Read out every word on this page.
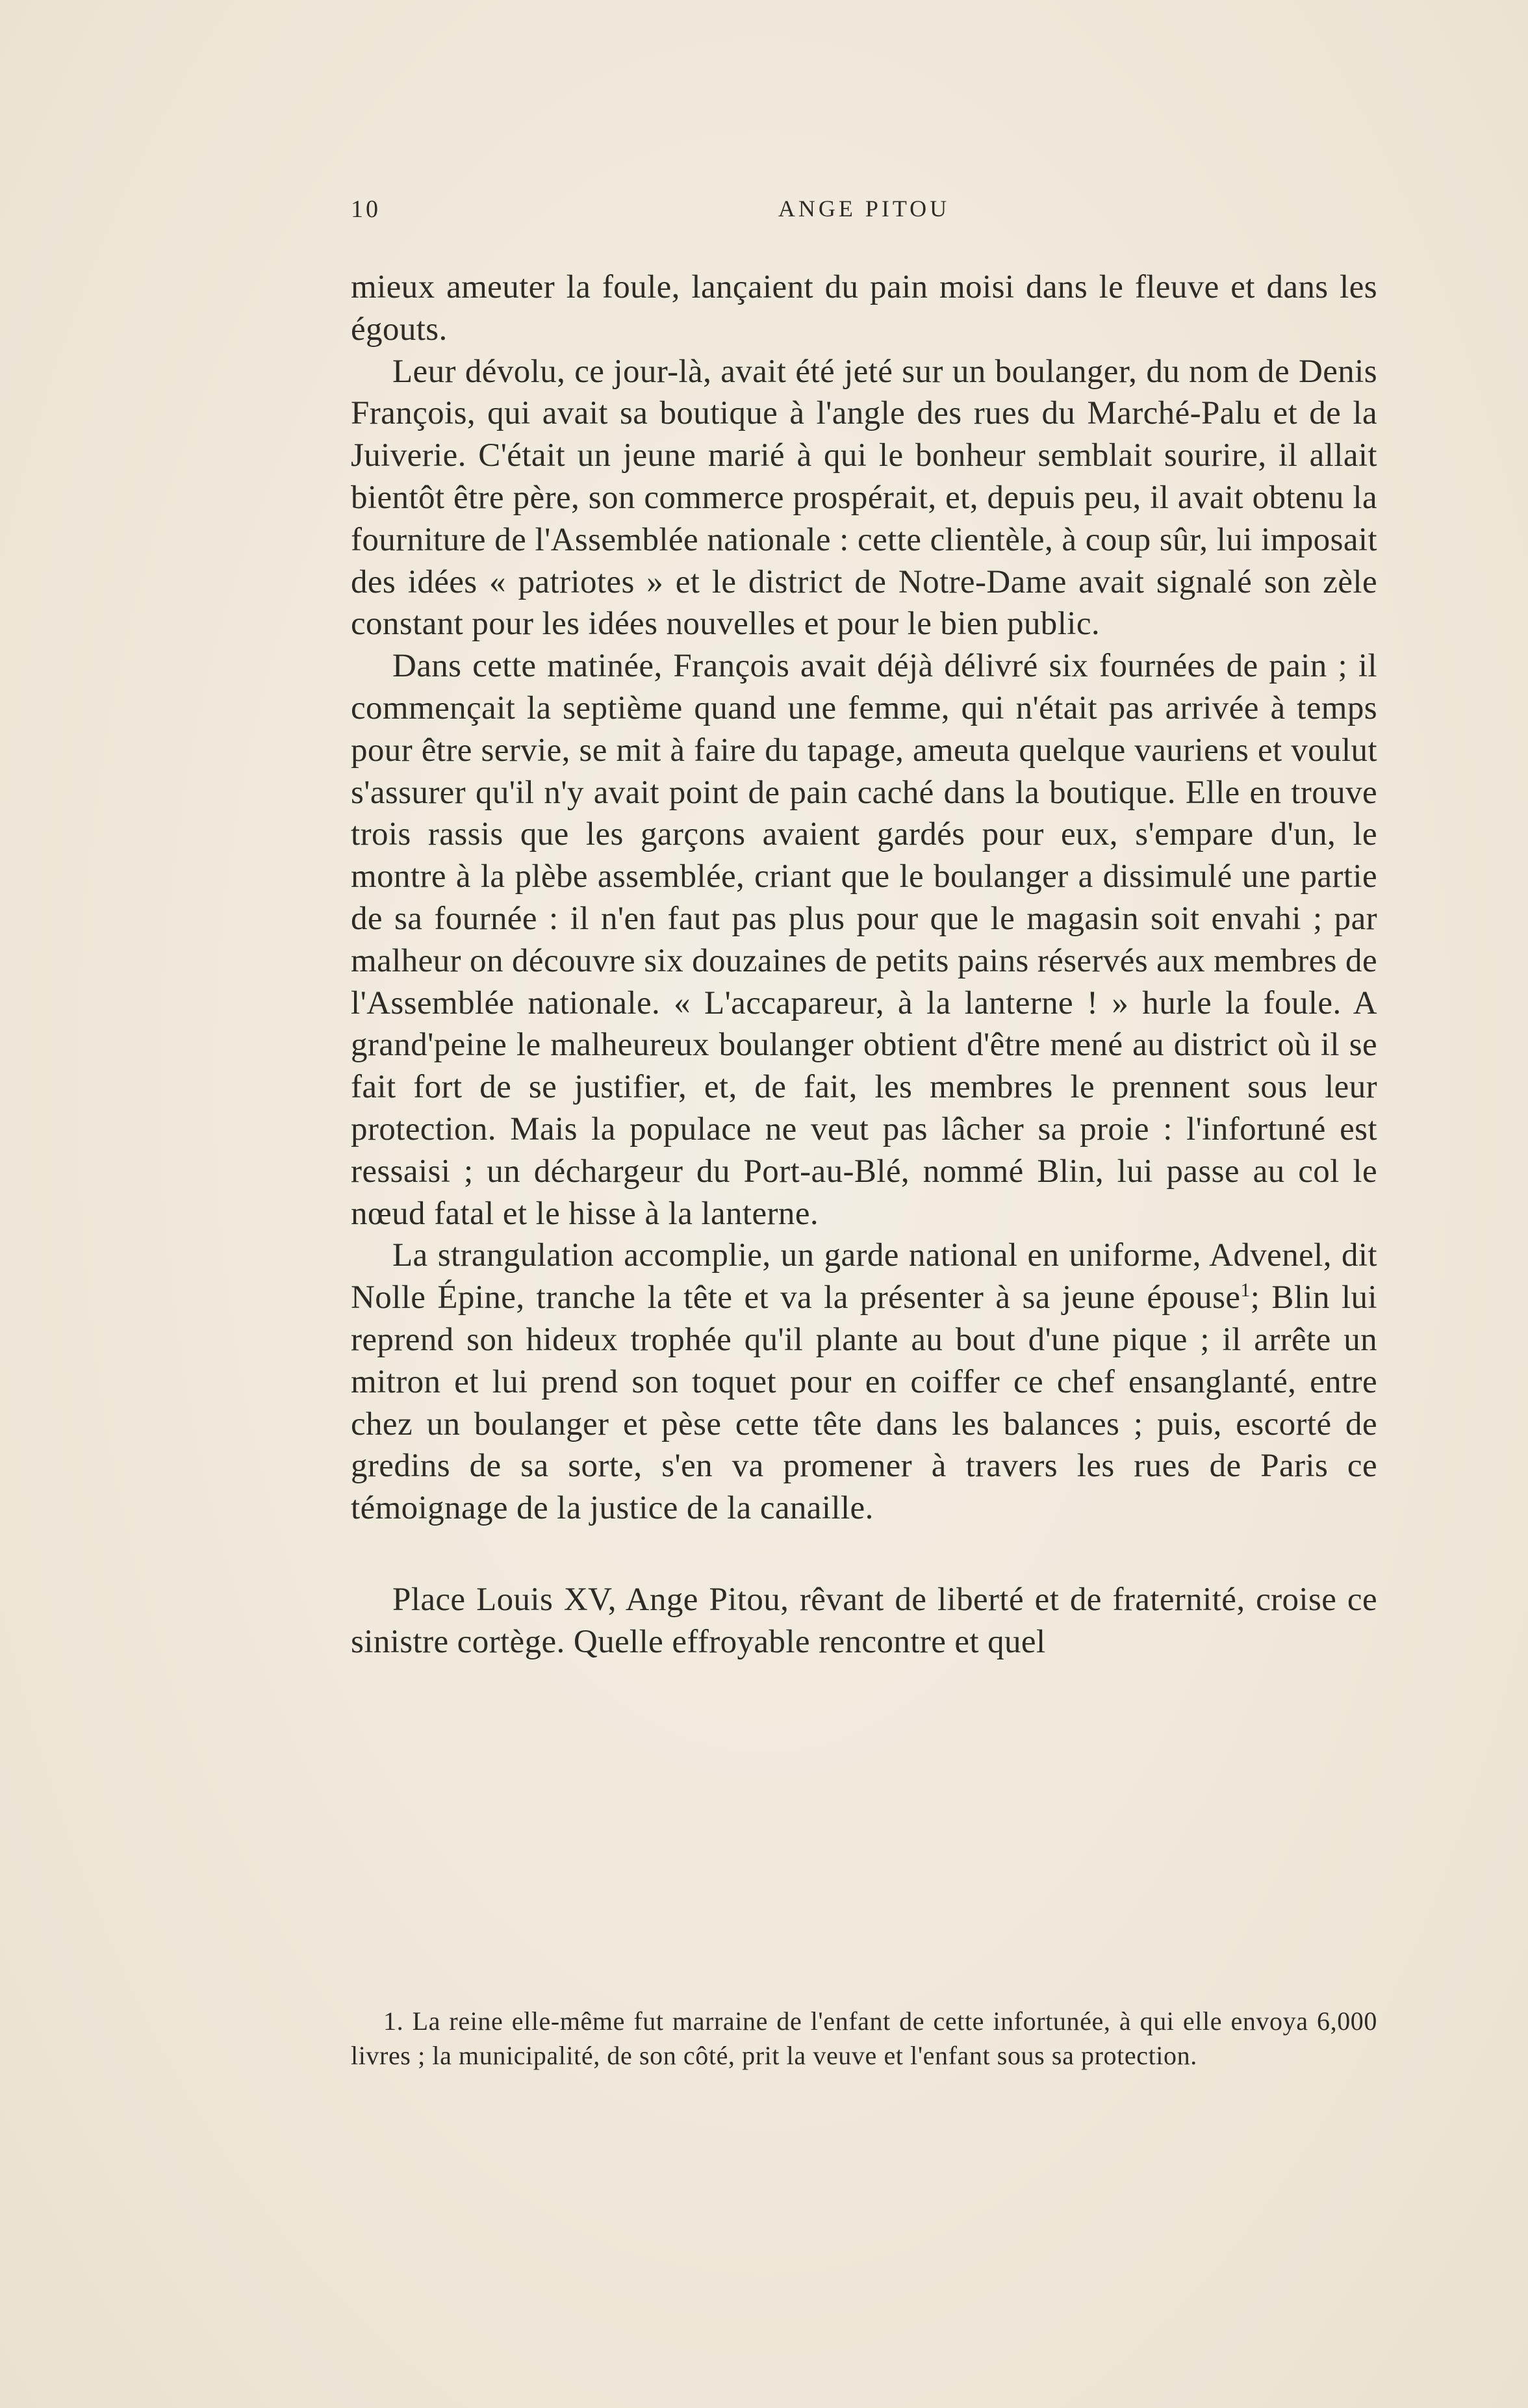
10	ANGE PITOU

mieux ameuter la foule, lançaient du pain moisi dans le fleuve et dans les égouts.

Leur dévolu, ce jour-là, avait été jeté sur un boulanger, du nom de Denis François, qui avait sa boutique à l'angle des rues du Marché-Palu et de la Juiverie. C'était un jeune marié à qui le bonheur semblait sourire, il allait bientôt être père, son commerce prospérait, et, depuis peu, il avait obtenu la fourniture de l'Assemblée nationale : cette clientèle, à coup sûr, lui imposait des idées « patriotes » et le district de Notre-Dame avait signalé son zèle constant pour les idées nouvelles et pour le bien public.

Dans cette matinée, François avait déjà délivré six fournées de pain ; il commençait la septième quand une femme, qui n'était pas arrivée à temps pour être servie, se mit à faire du tapage, ameuta quelque vauriens et voulut s'assurer qu'il n'y avait point de pain caché dans la boutique. Elle en trouve trois rassis que les garçons avaient gardés pour eux, s'empare d'un, le montre à la plèbe assemblée, criant que le boulanger a dissimulé une partie de sa fournée : il n'en faut pas plus pour que le magasin soit envahi ; par malheur on découvre six douzaines de petits pains réservés aux membres de l'Assemblée nationale. « L'accapareur, à la lanterne ! » hurle la foule. A grand'peine le malheureux boulanger obtient d'être mené au district où il se fait fort de se justifier, et, de fait, les membres le prennent sous leur protection. Mais la populace ne veut pas lâcher sa proie : l'infortuné est ressaisi ; un déchargeur du Port-au-Blé, nommé Blin, lui passe au col le nœud fatal et le hisse à la lanterne.

La strangulation accomplie, un garde national en uniforme, Advenel, dit Nolle Épine, tranche la tête et va la présenter à sa jeune épouse$^1$; Blin lui reprend son hideux trophée qu'il plante au bout d'une pique ; il arrête un mitron et lui prend son toquet pour en coiffer ce chef ensanglanté, entre chez un boulanger et pèse cette tête dans les balances ; puis, escorté de gredins de sa sorte, s'en va promener à travers les rues de Paris ce témoignage de la justice de la canaille.

Place Louis XV, Ange Pitou, rêvant de liberté et de fraternité, croise ce sinistre cortège. Quelle effroyable rencontre et quel

1. La reine elle-même fut marraine de l'enfant de cette infortunée, à qui elle envoya 6,000 livres ; la municipalité, de son côté, prit la veuve et l'enfant sous sa protection.
